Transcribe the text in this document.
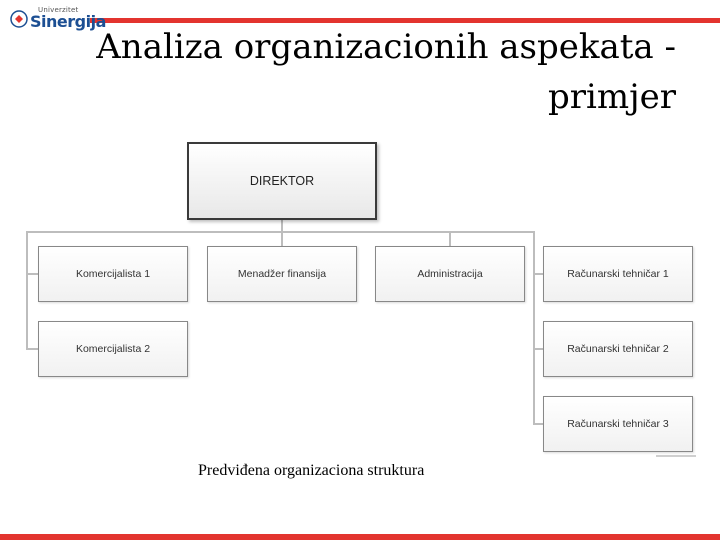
Univerzitet
Sinergija
Analiza organizacionih aspekata - primjer
DIREKTOR
Komercijalista 1
Komercijalista 2
Menadžer finansija	Administracija	Računarski tehničar 1
Računarski tehničar 2
Računarski tehničar 3
Predviđena organizaciona struktura
